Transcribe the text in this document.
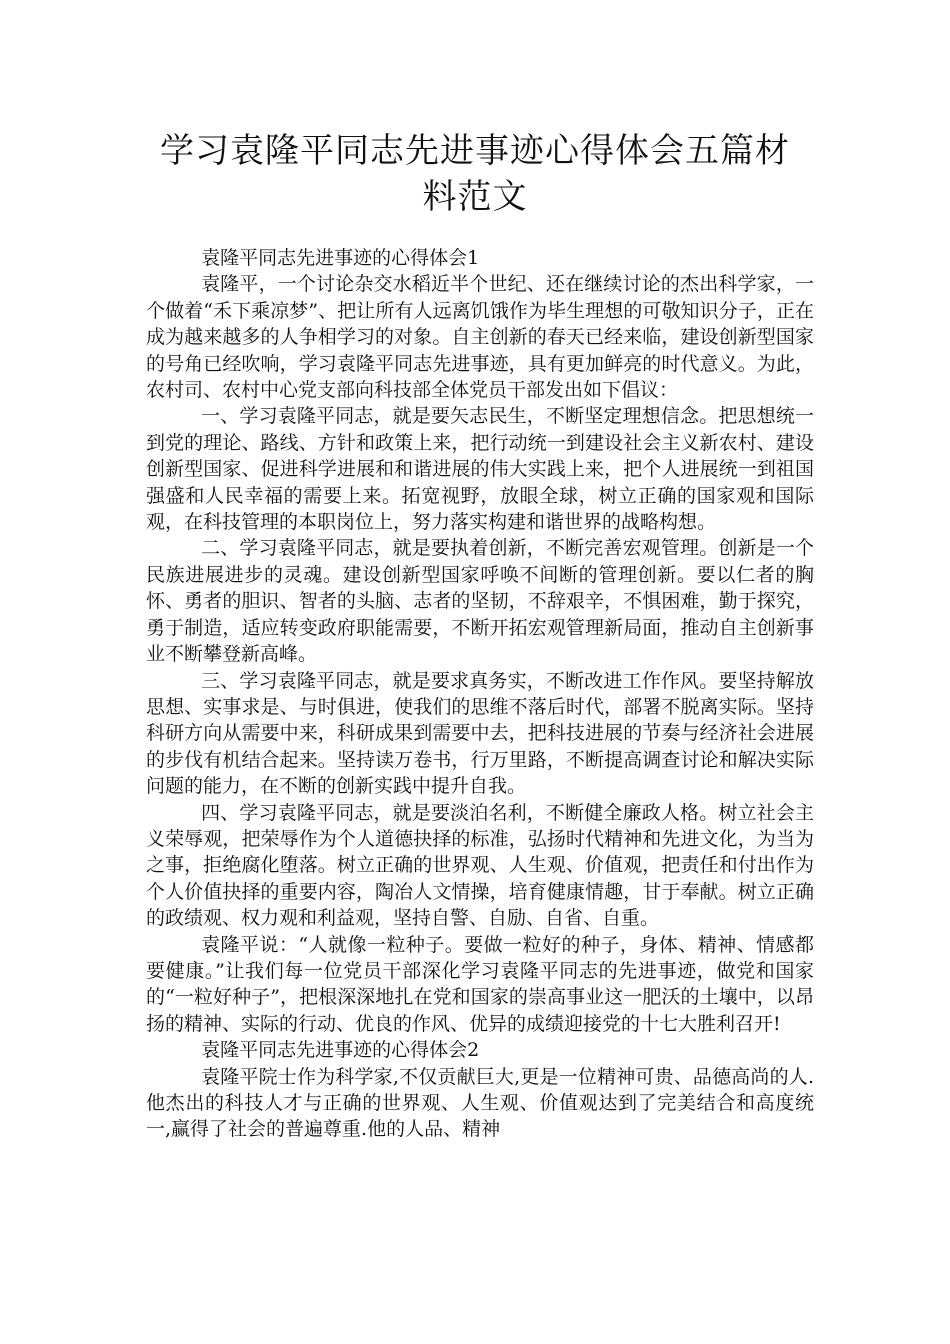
学习袁隆平同志先进事迹心得体会五篇材
料范文

袁隆平同志先进事迹的心得体会1

袁隆平，一个讨论杂交水稻近半个世纪、还在继续讨论的杰出科学家，一个做着“禾下乘凉梦”、把让所有人远离饥饿作为毕生理想的可敬知识分子，正在成为越来越多的人争相学习的对象。自主创新的春天已经来临，建设创新型国家的号角已经吹响，学习袁隆平同志先进事迹，具有更加鲜亮的时代意义。为此，农村司、农村中心党支部向科技部全体党员干部发出如下倡议：

一、学习袁隆平同志，就是要矢志民生，不断坚定理想信念。把思想统一到党的理论、路线、方针和政策上来，把行动统一到建设社会主义新农村、建设创新型国家、促进科学进展和和谐进展的伟大实践上来，把个人进展统一到祖国强盛和人民幸福的需要上来。拓宽视野，放眼全球，树立正确的国家观和国际观，在科技管理的本职岗位上，努力落实构建和谐世界的战略构想。

二、学习袁隆平同志，就是要执着创新，不断完善宏观管理。创新是一个民族进展进步的灵魂。建设创新型国家呼唤不间断的管理创新。要以仁者的胸怀、勇者的胆识、智者的头脑、志者的坚韧，不辞艰辛，不惧困难，勤于探究，勇于制造，适应转变政府职能需要，不断开拓宏观管理新局面，推动自主创新事业不断攀登新高峰。

三、学习袁隆平同志，就是要求真务实，不断改进工作作风。要坚持解放思想、实事求是、与时俱进，使我们的思维不落后时代，部署不脱离实际。坚持科研方向从需要中来，科研成果到需要中去，把科技进展的节奏与经济社会进展的步伐有机结合起来。坚持读万卷书，行万里路，不断提高调查讨论和解决实际问题的能力，在不断的创新实践中提升自我。

四、学习袁隆平同志，就是要淡泊名利，不断健全廉政人格。树立社会主义荣辱观，把荣辱作为个人道德抉择的标准，弘扬时代精神和先进文化，为当为之事，拒绝腐化堕落。树立正确的世界观、人生观、价值观，把责任和付出作为个人价值抉择的重要内容，陶冶人文情操，培育健康情趣，甘于奉献。树立正确的政绩观、权力观和利益观，坚持自警、自励、自省、自重。

袁隆平说：“人就像一粒种子。要做一粒好的种子，身体、精神、情感都要健康。”让我们每一位党员干部深化学习袁隆平同志的先进事迹，做党和国家的“一粒好种子”，把根深深地扎在党和国家的崇高事业这一肥沃的土壤中，以昂扬的精神、实际的行动、优良的作风、优异的成绩迎接党的十七大胜利召开!

袁隆平同志先进事迹的心得体会2

袁隆平院士作为科学家,不仅贡献巨大,更是一位精神可贵、品德高尚的人.他杰出的科技人才与正确的世界观、人生观、价值观达到了完美结合和高度统一,赢得了社会的普遍尊重.他的人品、精神
